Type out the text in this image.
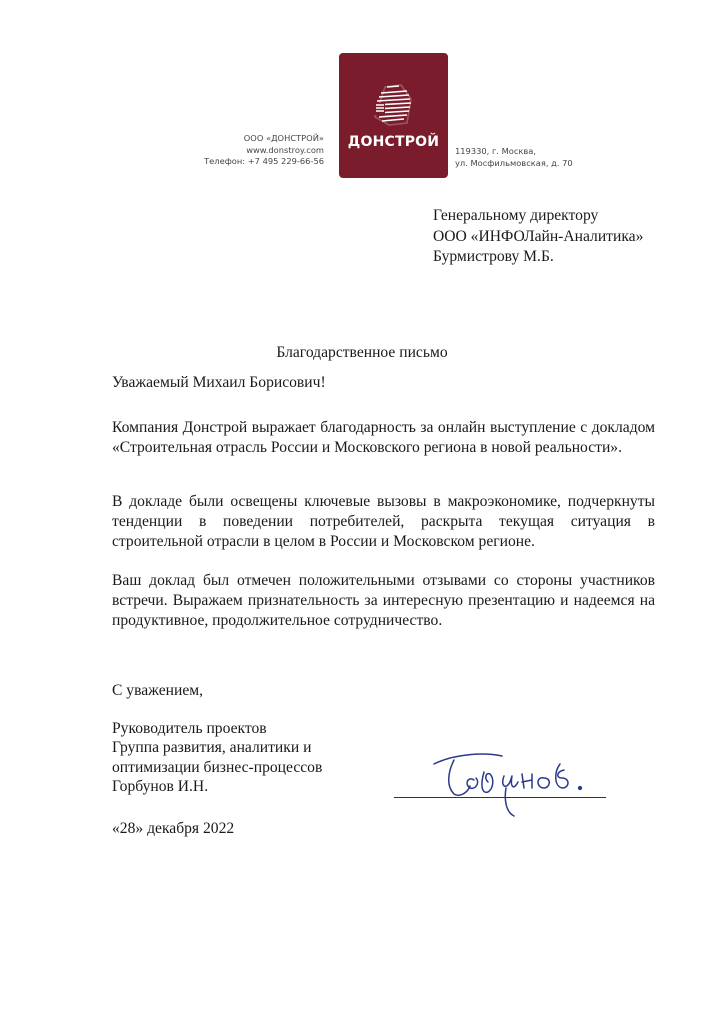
ООО «ДОНСТРОЙ»
www.donstroy.com
Телефон: +7 495 229-66-56
ДОНСТРОЙ
119330, г. Москва,
ул. Мосфильмовская, д. 70
Генеральному директору
ООО «ИНФОЛайн-Аналитика»
Бурмистрову М.Б.
Благодарственное письмо
Уважаемый Михаил Борисович!
Компания Донстрой выражает благодарность за онлайн выступление с докладом «Строительная отрасль России и Московского региона в новой реальности».
В докладе были освещены ключевые вызовы в макроэкономике, подчеркнуты тенденции в поведении потребителей, раскрыта текущая ситуация в строительной отрасли в целом в России и Московском регионе.
Ваш доклад был отмечен положительными отзывами со стороны участников встречи. Выражаем признательность за интересную презентацию и надеемся на продуктивное, продолжительное сотрудничество.
С уважением,
Руководитель проектов
Группа развития, аналитики и
оптимизации бизнес-процессов
Горбунов И.Н.
«28» декабря 2022
